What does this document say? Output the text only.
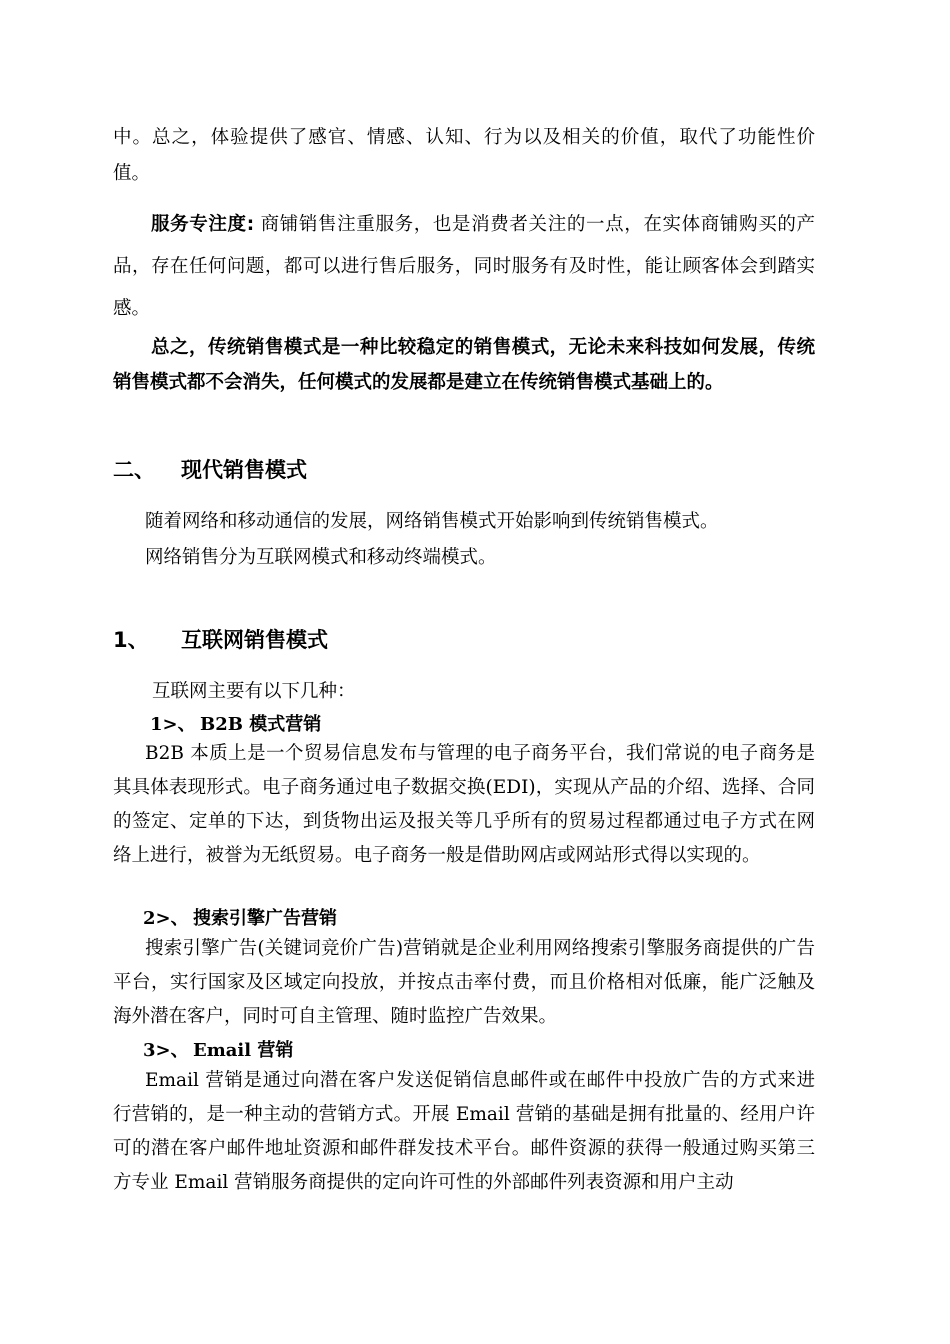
中。总之，体验提供了感官、情感、认知、行为以及相关的价值，取代了功能性价值。

服务专注度: 商铺销售注重服务，也是消费者关注的一点，在实体商铺购买的产品，存在任何问题，都可以进行售后服务，同时服务有及时性，能让顾客体会到踏实感。

总之，传统销售模式是一种比较稳定的销售模式，无论未来科技如何发展，传统销售模式都不会消失，任何模式的发展都是建立在传统销售模式基础上的。

二、 现代销售模式

随着网络和移动通信的发展，网络销售模式开始影响到传统销售模式。

网络销售分为互联网模式和移动终端模式。

1、 互联网销售模式

互联网主要有以下几种：

1>、 B2B 模式营销

B2B 本质上是一个贸易信息发布与管理的电子商务平台，我们常说的电子商务是其具体表现形式。电子商务通过电子数据交换(EDI)，实现从产品的介绍、选择、合同的签定、定单的下达，到货物出运及报关等几乎所有的贸易过程都通过电子方式在网络上进行，被誉为无纸贸易。电子商务一般是借助网店或网站形式得以实现的。

2>、 搜索引擎广告营销

搜索引擎广告(关键词竞价广告)营销就是企业利用网络搜索引擎服务商提供的广告平台，实行国家及区域定向投放，并按点击率付费，而且价格相对低廉，能广泛触及海外潜在客户，同时可自主管理、随时监控广告效果。

3>、 Email 营销

Email 营销是通过向潜在客户发送促销信息邮件或在邮件中投放广告的方式来进行营销的，是一种主动的营销方式。开展 Email 营销的基础是拥有批量的、经用户许可的潜在客户邮件地址资源和邮件群发技术平台。邮件资源的获得一般通过购买第三方专业 Email 营销服务商提供的定向许可性的外部邮件列表资源和用户主动
